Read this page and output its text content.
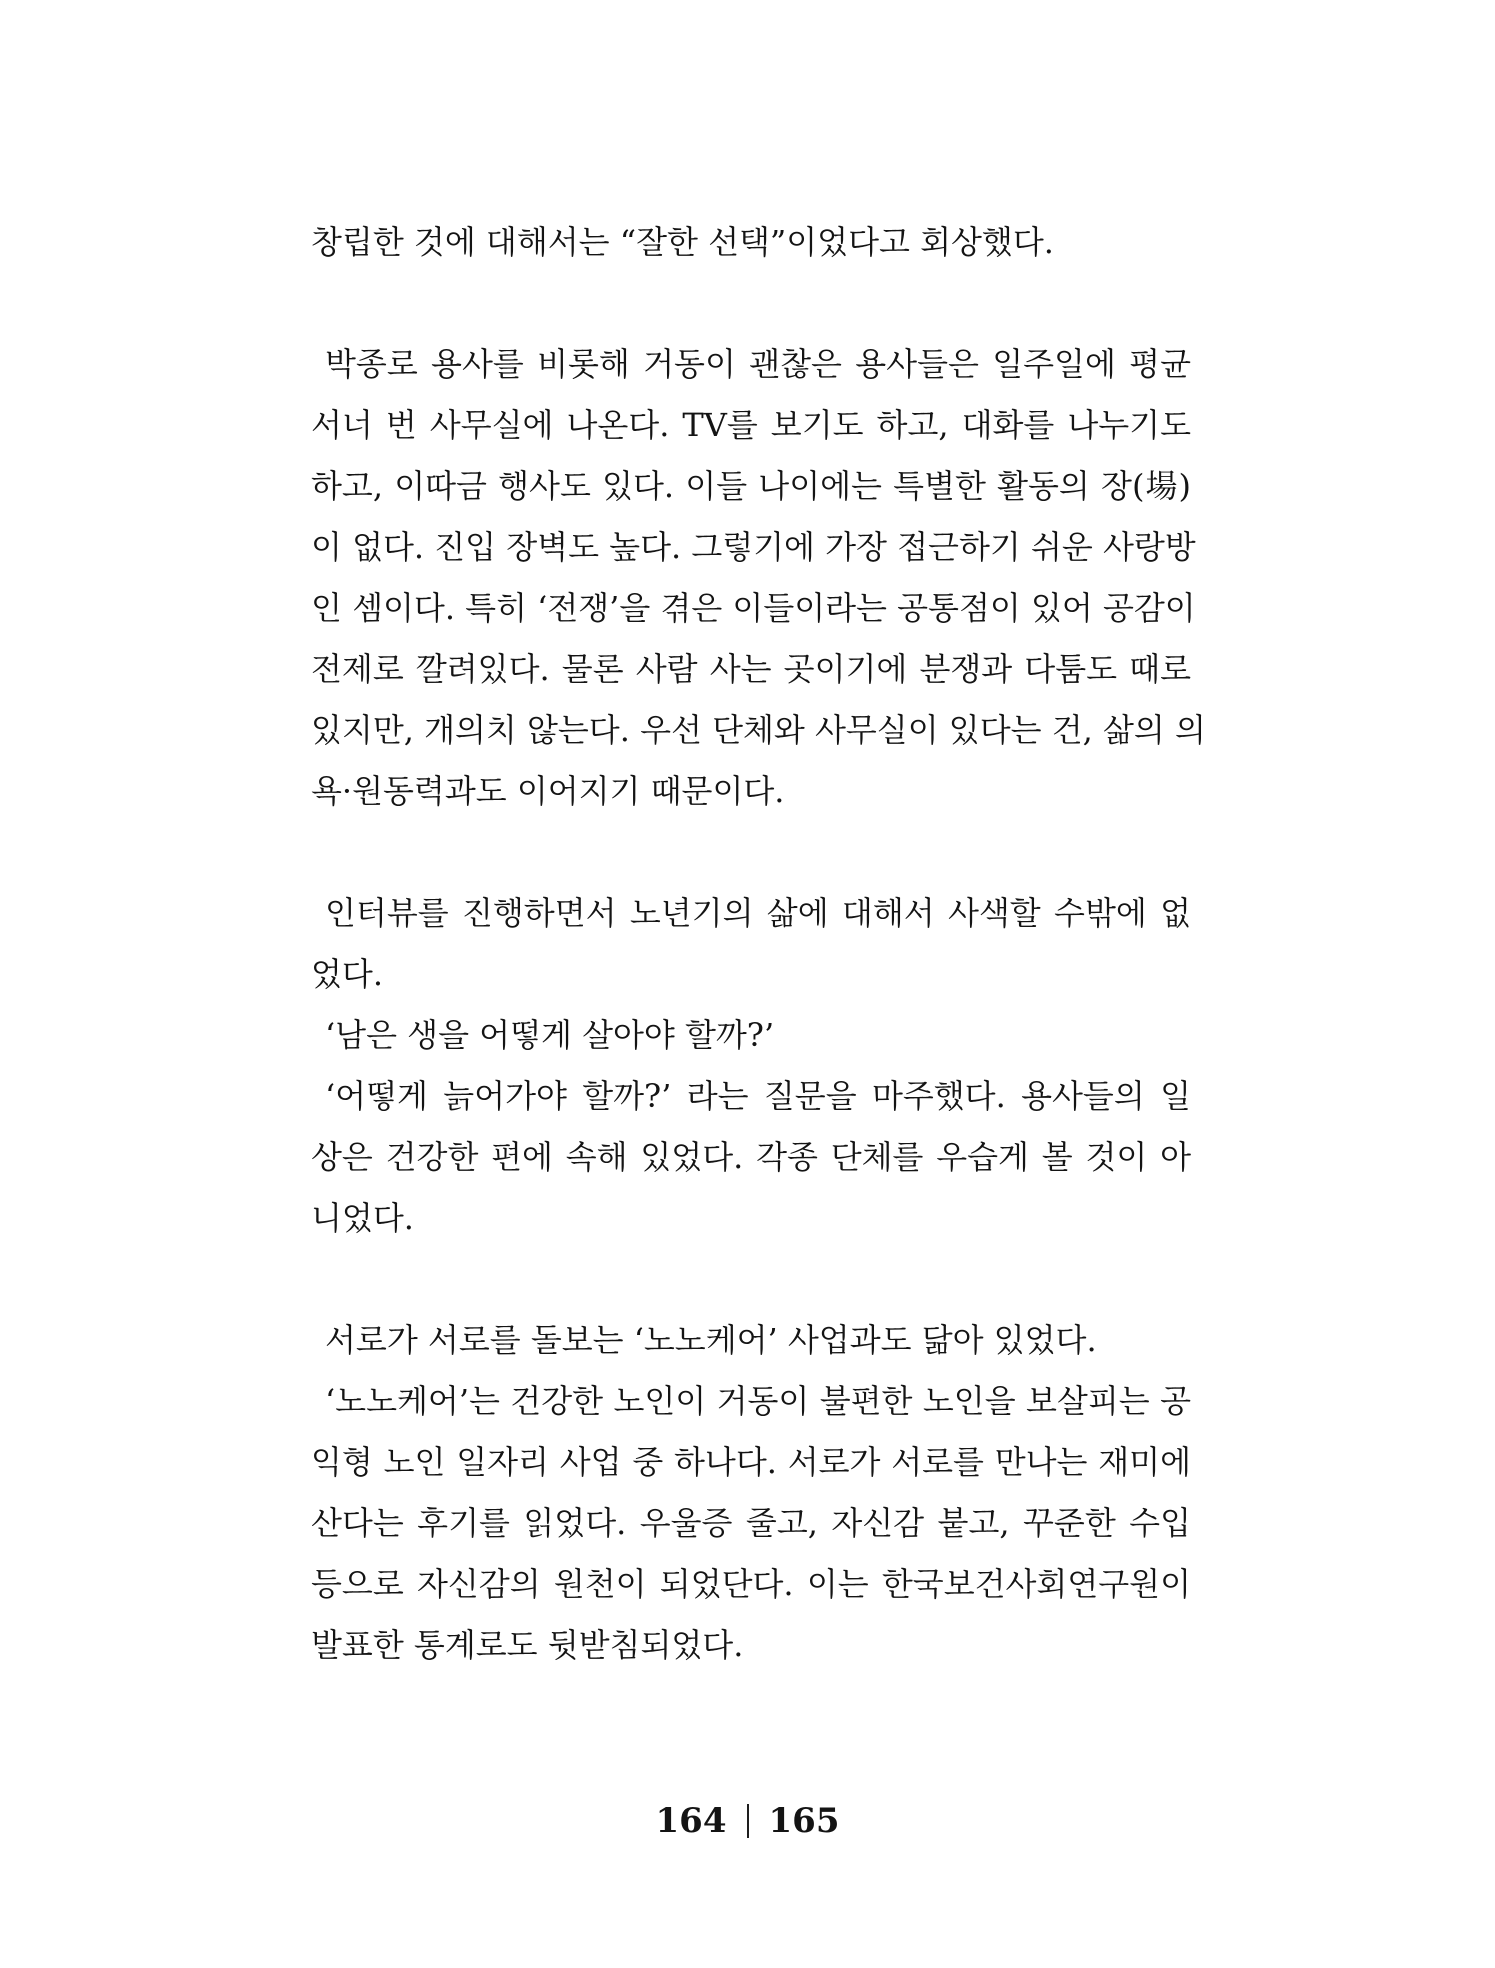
창립한 것에 대해서는 “잘한 선택”이었다고 회상했다.
박종로 용사를 비롯해 거동이 괜찮은 용사들은 일주일에 평균
서너 번 사무실에 나온다. TV를 보기도 하고, 대화를 나누기도
하고, 이따금 행사도 있다. 이들 나이에는 특별한 활동의 장(場)
이 없다. 진입 장벽도 높다. 그렇기에 가장 접근하기 쉬운 사랑방
인 셈이다. 특히 ‘전쟁’을 겪은 이들이라는 공통점이 있어 공감이
전제로 깔려있다. 물론 사람 사는 곳이기에 분쟁과 다툼도 때로
있지만, 개의치 않는다. 우선 단체와 사무실이 있다는 건, 삶의 의
욕·원동력과도 이어지기 때문이다.
인터뷰를 진행하면서 노년기의 삶에 대해서 사색할 수밖에 없
었다.
‘남은 생을 어떻게 살아야 할까?’
‘어떻게 늙어가야 할까?’ 라는 질문을 마주했다. 용사들의 일
상은 건강한 편에 속해 있었다. 각종 단체를 우습게 볼 것이 아
니었다.
서로가 서로를 돌보는 ‘노노케어’ 사업과도 닮아 있었다.
‘노노케어’는 건강한 노인이 거동이 불편한 노인을 보살피는 공
익형 노인 일자리 사업 중 하나다. 서로가 서로를 만나는 재미에
산다는 후기를 읽었다. 우울증 줄고, 자신감 붙고, 꾸준한 수입
등으로 자신감의 원천이 되었단다. 이는 한국보건사회연구원이
발표한 통계로도 뒷받침되었다.
164 165
